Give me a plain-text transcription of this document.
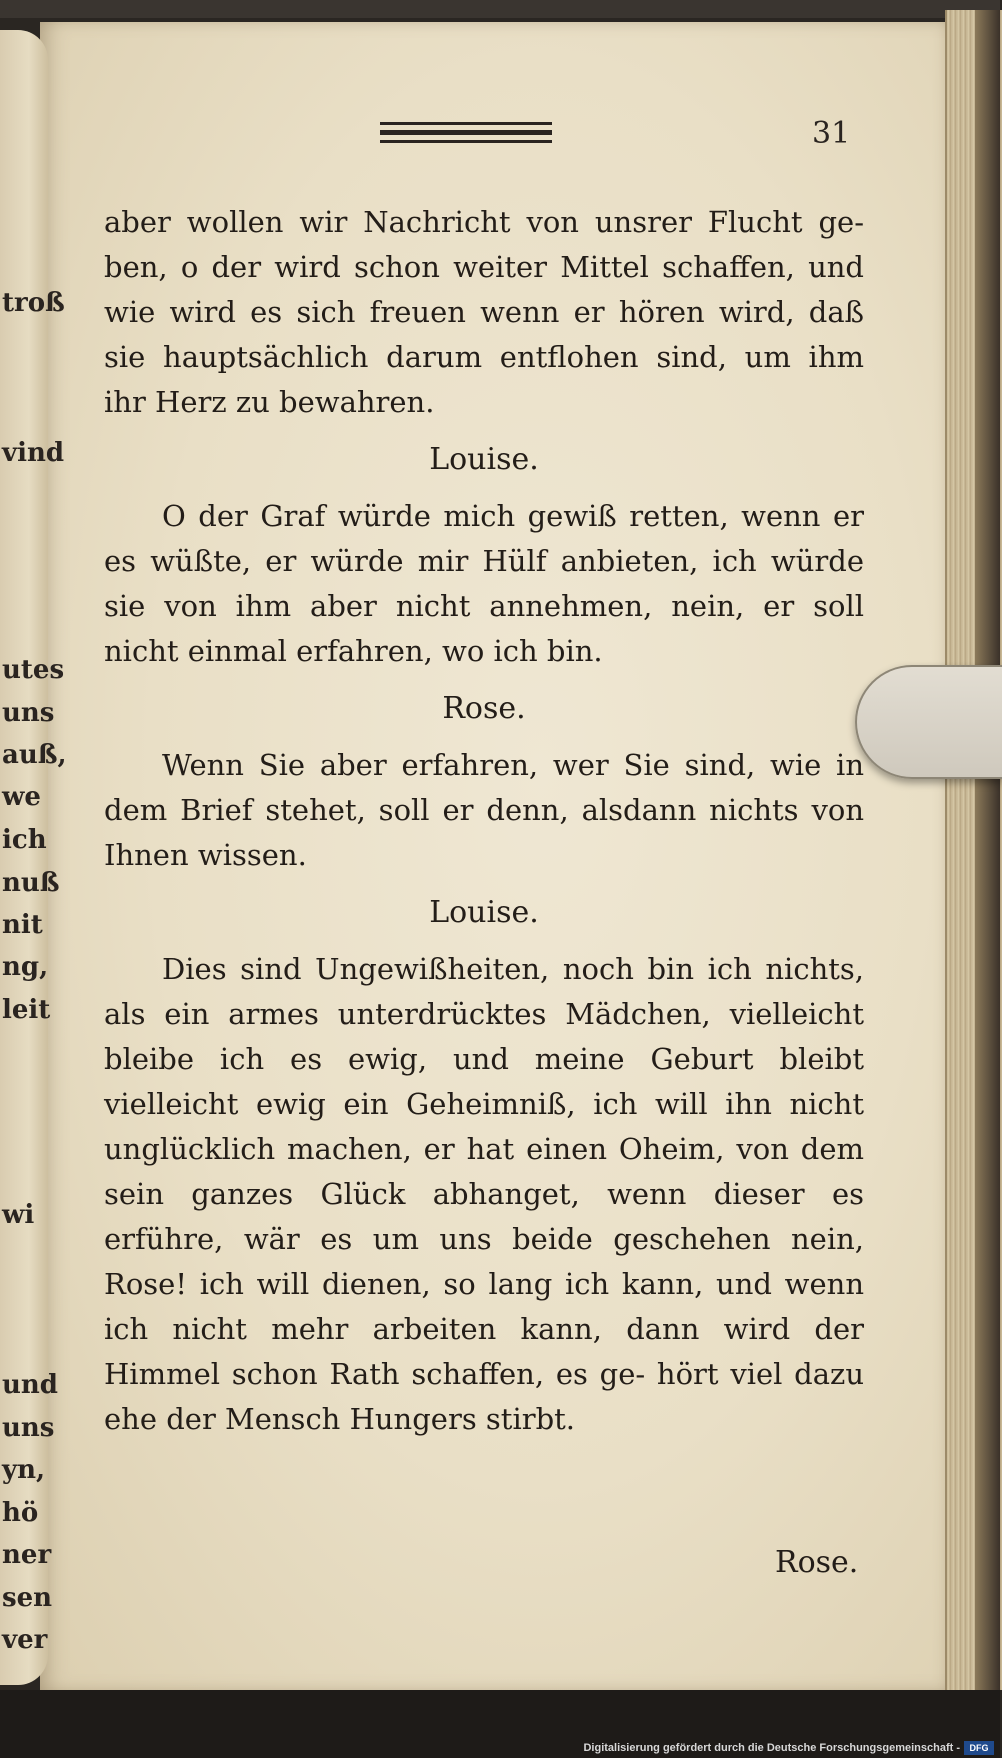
troß
vind
utes
uns
auß,
we
ich
nuß
nit
ng,
leit
wi
und
uns
yn,
hö
ner
sen
ver
31

aber wollen wir Nachricht von unsrer Flucht ge- ben, o der wird schon weiter Mittel schaffen, und wie wird es sich freuen wenn er hören wird, daß sie hauptsächlich darum entflohen sind, um ihm ihr Herz zu bewahren.

Louise.

O der Graf würde mich gewiß retten, wenn er es wüßte, er würde mir Hülf anbieten, ich würde sie von ihm aber nicht annehmen, nein, er soll nicht einmal erfahren, wo ich bin.

Rose.

Wenn Sie aber erfahren, wer Sie sind, wie in dem Brief stehet, soll er denn, alsdann nichts von Ihnen wissen.

Louise.

Dies sind Ungewißheiten, noch bin ich nichts, als ein armes unterdrücktes Mädchen, vielleicht bleibe ich es ewig, und meine Geburt bleibt vielleicht ewig ein Geheimniß, ich will ihn nicht unglücklich machen, er hat einen Oheim, von dem sein ganzes Glück abhanget, wenn dieser es erführe, wär es um uns beide geschehen nein, Rose! ich will dienen, so lang ich kann, und wenn ich nicht mehr arbeiten kann, dann wird der Himmel schon Rath schaffen, es ge- hört viel dazu ehe der Mensch Hungers stirbt.

Rose.
Digitalisierung gefördert durch die Deutsche Forschungsgemeinschaft -	DFG
